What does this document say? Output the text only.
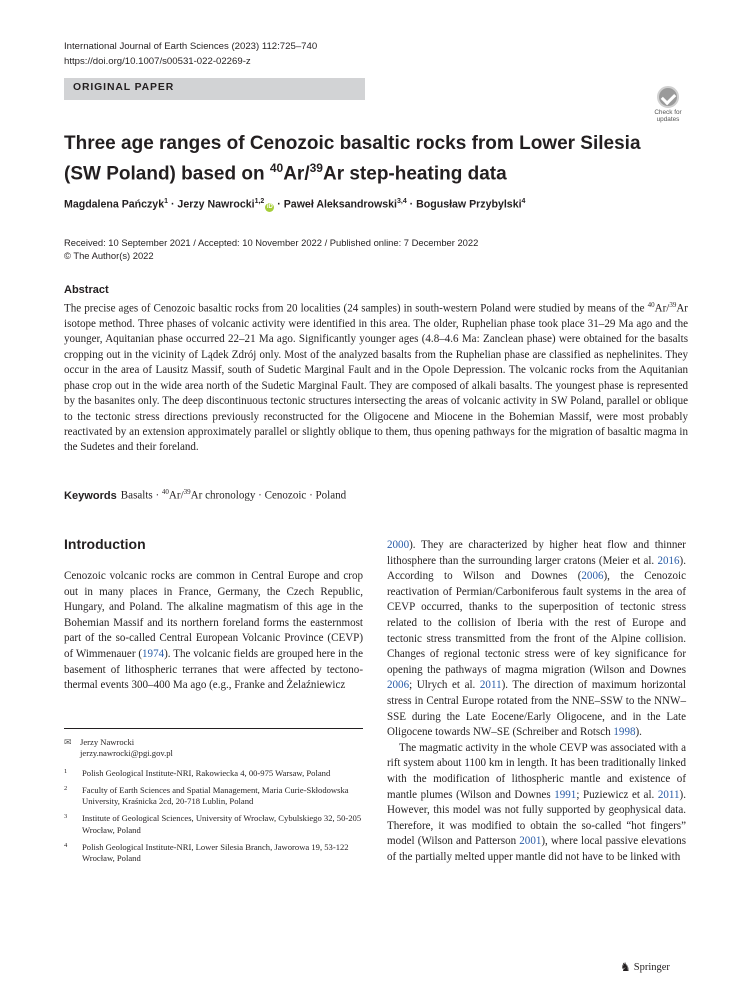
International Journal of Earth Sciences (2023) 112:725–740
https://doi.org/10.1007/s00531-022-02269-z
ORIGINAL PAPER
Check for
updates
Three age ranges of Cenozoic basaltic rocks from Lower Silesia (SW Poland) based on $^{40}$Ar/$^{39}$Ar step-heating data
Magdalena Pańczyk$^1$ · Jerzy Nawrocki$^{1,2}$iD · Paweł Aleksandrowski$^{3,4}$ · Bogusław Przybylski$^4$
Received: 10 September 2021 / Accepted: 10 November 2022 / Published online: 7 December 2022
© The Author(s) 2022
Abstract

The precise ages of Cenozoic basaltic rocks from 20 localities (24 samples) in south-western Poland were studied by means of the $^{40}$Ar/$^{39}$Ar isotope method. Three phases of volcanic activity were identified in this area. The older, Ruphelian phase took place 31–29 Ma ago and the younger, Aquitanian phase occurred 22–21 Ma ago. Significantly younger ages (4.8–4.6 Ma: Zanclean phase) were obtained for the basalts cropping out in the vicinity of Lądek Zdrój only. Most of the analyzed basalts from the Ruphelian phase are classified as nephelinites. They occur in the area of Lausitz Massif, south of Sudetic Marginal Fault and in the Opole Depression. The volcanic rocks from the Aquitanian phase crop out in the wide area north of the Sudetic Marginal Fault. They are composed of alkali basalts. The youngest phase is represented by the basanites only. The deep discontinuous tectonic structures intersecting the areas of volcanic activity in SW Poland, parallel or oblique to the tectonic stress directions previously reconstructed for the Oligocene and Miocene in the Bohemian Massif, were most probably reactivated by an extension approximately parallel or slightly oblique to them, thus opening pathways for the migration of basaltic magma in the Sudetes and their foreland.

Keywords Basalts · $^{40}$Ar/$^{39}$Ar chronology · Cenozoic · Poland
Introduction

Cenozoic volcanic rocks are common in Central Europe and crop out in many places in France, Germany, the Czech Republic, Hungary, and Poland. The alkaline magmatism of this age in the Bohemian Massif and its northern foreland forms the easternmost part of the so-called Central European Volcanic Province (CEVP) of Wimmenauer (1974). The volcanic fields are grouped here in the basement of lithospheric terranes that were affected by tectono-thermal events 300–400 Ma ago (e.g., Franke and Żelaźniewicz

2000). They are characterized by higher heat flow and thinner lithosphere than the surrounding larger cratons (Meier et al. 2016). According to Wilson and Downes (2006), the Cenozoic reactivation of Permian/Carboniferous fault systems in the area of CEVP occurred, thanks to the superposition of tectonic stress related to the collision of Iberia with the rest of Europe and tectonic stress transmitted from the front of the Alpine collision. Changes of regional tectonic stress were of key significance for opening the pathways of magma migration (Wilson and Downes 2006; Ulrych et al. 2011). The direction of maximum horizontal stress in Central Europe rotated from the NNE–SSW to the NNW–SSE during the Late Eocene/Early Oligocene, and in the Late Oligocene towards NW–SE (Schreiber and Rotsch 1998).

The magmatic activity in the whole CEVP was associated with a rift system about 1100 km in length. It has been traditionally linked with the modification of lithospheric mantle and existence of mantle plumes (Wilson and Downes 1991; Puziewicz et al. 2011). However, this model was not fully supported by geophysical data. Therefore, it was modified to obtain the so-called “hot fingers” model (Wilson and Patterson 2001), where local passive elevations of the partially melted upper mantle did not have to be linked with

✉ Jerzy Nawrocki
jerzy.nawrocki@pgi.gov.pl
1	Polish Geological Institute-NRI, Rakowiecka 4, 00-975 Warsaw, Poland
2	Faculty of Earth Sciences and Spatial Management, Maria Curie-Skłodowska University, Kraśnicka 2cd, 20-718 Lublin, Poland
3	Institute of Geological Sciences, University of Wrocław, Cybulskiego 32, 50-205 Wrocław, Poland
4	Polish Geological Institute-NRI, Lower Silesia Branch, Jaworowa 19, 53-122 Wrocław, Poland
♞ Springer
